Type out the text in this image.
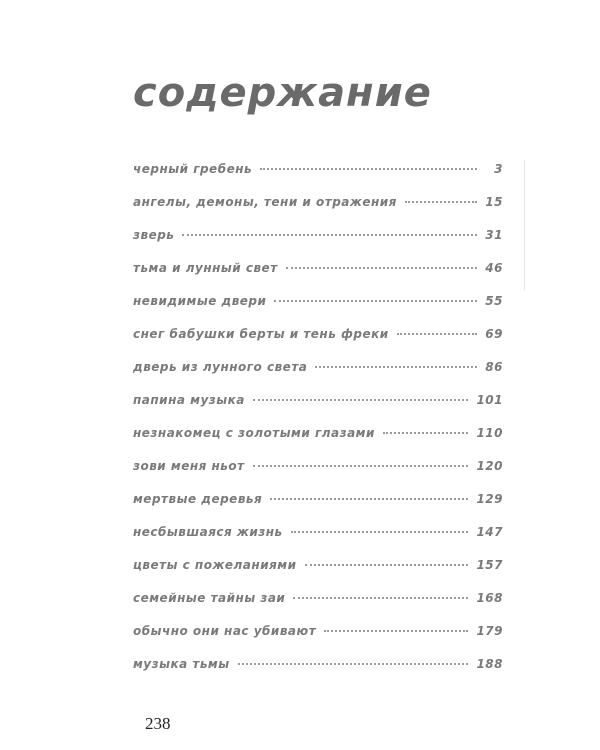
содержание
черный гребень	3
ангелы, демоны, тени и отражения	15
зверь	31
тьма и лунный свет	46
невидимые двери	55
снег бабушки берты и тень фреки	69
дверь из лунного света	86
папина музыка	101
незнакомец с золотыми глазами	110
зови меня ньот	120
мертвые деревья	129
несбывшаяся жизнь	147
цветы с пожеланиями	157
семейные тайны заи	168
обычно они нас убивают	179
музыка тьмы	188
238
